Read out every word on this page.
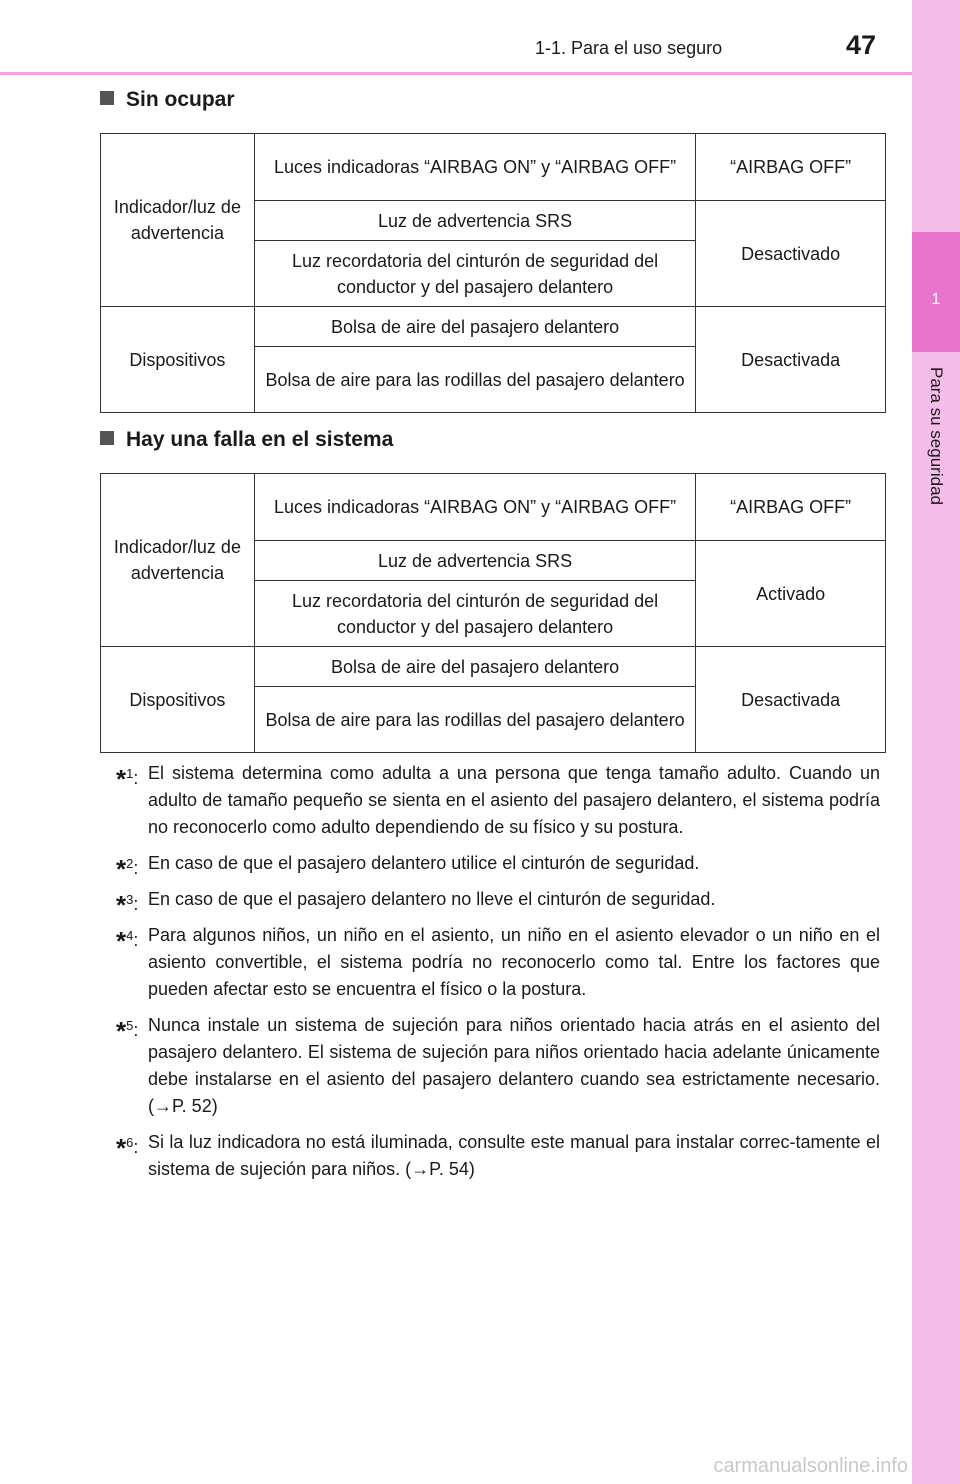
47
1-1. Para el uso seguro
1
Para su seguridad
Sin ocupar
Indicador/luz de advertencia	Luces indicadoras “AIRBAG ON” y “AIRBAG OFF”	“AIRBAG OFF”
	Luz de advertencia SRS	Desactivado
	Luz recordatoria del cinturón de seguridad del conductor y del pasajero delantero	
Dispositivos	Bolsa de aire del pasajero delantero	Desactivada
	Bolsa de aire para las rodillas del pasajero delantero	
Hay una falla en el sistema
Indicador/luz de advertencia	Luces indicadoras “AIRBAG ON” y “AIRBAG OFF”	“AIRBAG OFF”
	Luz de advertencia SRS	Activado
	Luz recordatoria del cinturón de seguridad del conductor y del pasajero delantero	
Dispositivos	Bolsa de aire del pasajero delantero	Desactivada
	Bolsa de aire para las rodillas del pasajero delantero	
*$^1$: El sistema determina como adulta a una persona que tenga tamaño adulto. Cuando un adulto de tamaño pequeño se sienta en el asiento del pasajero delantero, el sistema podría no reconocerlo como adulto dependiendo de su físico y su postura.
*$^2$: En caso de que el pasajero delantero utilice el cinturón de seguridad.
*$^3$: En caso de que el pasajero delantero no lleve el cinturón de seguridad.
*$^4$: Para algunos niños, un niño en el asiento, un niño en el asiento elevador o un niño en el asiento convertible, el sistema podría no reconocerlo como tal. Entre los factores que pueden afectar esto se encuentra el físico o la postura.
*$^5$: Nunca instale un sistema de sujeción para niños orientado hacia atrás en el asiento del pasajero delantero. El sistema de sujeción para niños orientado hacia adelante únicamente debe instalarse en el asiento del pasajero delantero cuando sea estrictamente necesario. (→P. 52)
*$^6$: Si la luz indicadora no está iluminada, consulte este manual para instalar correc-tamente el sistema de sujeción para niños. (→P. 54)
carmanualsonline.info
